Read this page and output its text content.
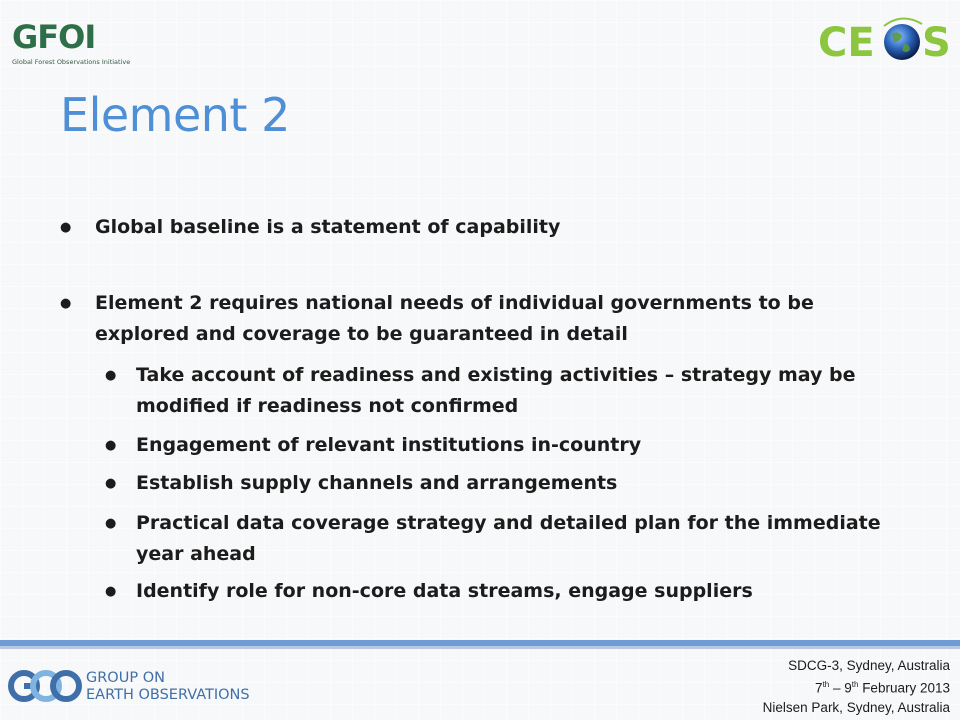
GFOI
Global Forest Observations Initiative	CE S
Element 2
● Global baseline is a statement of capability
● Element 2 requires national needs of individual governments to be explored and coverage to be guaranteed in detail
● Take account of readiness and existing activities – strategy may be modified if readiness not confirmed
● Engagement of relevant institutions in-country
● Establish supply channels and arrangements
● Practical data coverage strategy and detailed plan for the immediate year ahead
● Identify role for non-core data streams, engage suppliers
GROUP ON
EARTH OBSERVATIONS
SDCG-3, Sydney, Australia
7th – 9th February 2013
Nielsen Park, Sydney, Australia
